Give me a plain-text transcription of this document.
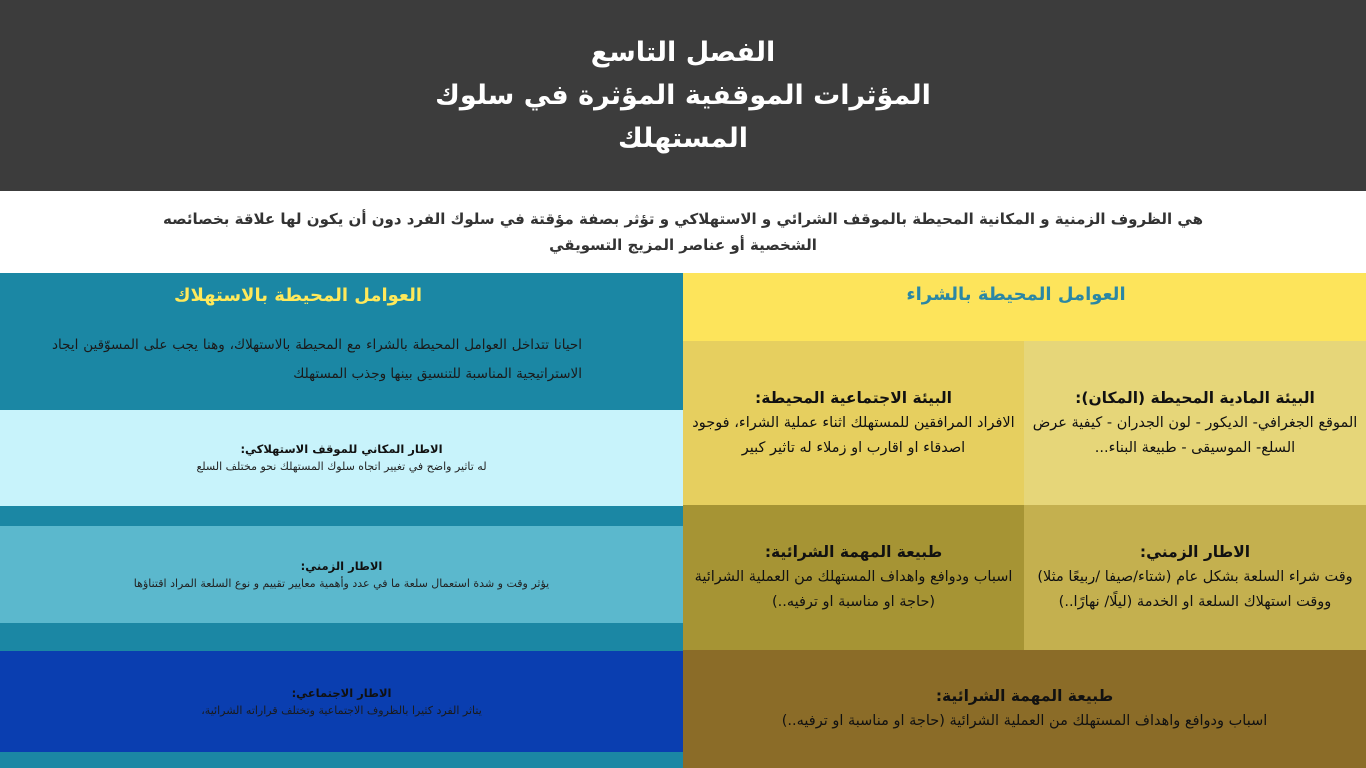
الفصل التاسع
المؤثرات الموقفية المؤثرة في سلوك
المستهلك

هي الظروف الزمنية و المكانية المحيطة بالموقف الشرائي و الاستهلاكي و تؤثر بصفة مؤقتة في سلوك الفرد دون أن يكون لها علاقة بخصائصه الشخصية أو عناصر المزيج التسويقي

العوامل المحيطة بالاستهلاك
احيانا تتداخل العوامل المحيطة بالشراء مع المحيطة بالاستهلاك، وهنا يجب على المسوّقين ايجاد الاستراتيجية المناسبة للتنسيق بينها وجذب المستهلك
الاطار المكاني للموقف الاستهلاكي:
له تاثير واضح في تغيير اتجاه سلوك المستهلك نحو مختلف السلع
الاطار الزمني:
يؤثر وقت و شدة استعمال سلعة ما في عدد وأهمية معايير تقييم و نوع السلعة المراد اقتناؤها
الاطار الاجتماعي:
يتاثر الفرد كثيرا بالظروف الاجتماعية وتختلف قراراته الشرائية،
العوامل المحيطة بالشراء
البيئة المادية المحيطة (المكان):
الموقع الجغرافي- الديكور - لون الجدران - كيفية عرض السلع- الموسيقى - طبيعة البناء...
البيئة الاجتماعية المحيطة:
الافراد المرافقين للمستهلك اثناء عملية الشراء، فوجود اصدقاء او اقارب او زملاء له تاثير كبير
الاطار الزمني:
وقت شراء السلعة بشكل عام (شتاء/صيفا /ربيعًا مثلا) ووقت استهلاك السلعة او الخدمة (ليلًا/ نهارًا..)
طبيعة المهمة الشرائية:
اسباب ودوافع واهداف المستهلك من العملية الشرائية (حاجة او مناسبة او ترفيه..)
طبيعة المهمة الشرائية:
اسباب ودوافع واهداف المستهلك من العملية الشرائية (حاجة او مناسبة او ترفيه..)
